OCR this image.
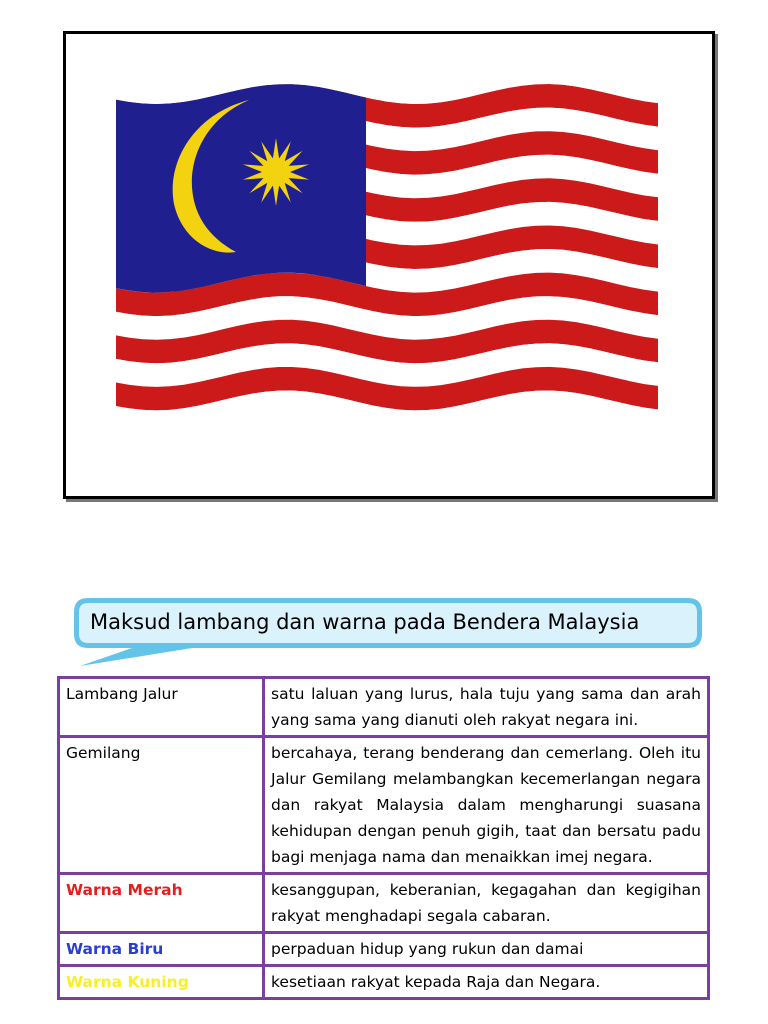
Maksud lambang dan warna pada Bendera Malaysia
Lambang Jalur	satu laluan yang lurus, hala tuju yang sama dan arah yang sama yang dianuti oleh rakyat negara ini.
Gemilang	bercahaya, terang benderang dan cemerlang. Oleh itu Jalur Gemilang melambangkan kecemerlangan negara dan rakyat Malaysia dalam mengharungi suasana kehidupan dengan penuh gigih, taat dan bersatu padu bagi menjaga nama dan menaikkan imej negara.
Warna Merah	kesanggupan, keberanian, kegagahan dan kegigihan rakyat menghadapi segala cabaran.
Warna Biru	perpaduan hidup yang rukun dan damai
Warna Kuning	kesetiaan rakyat kepada Raja dan Negara.
